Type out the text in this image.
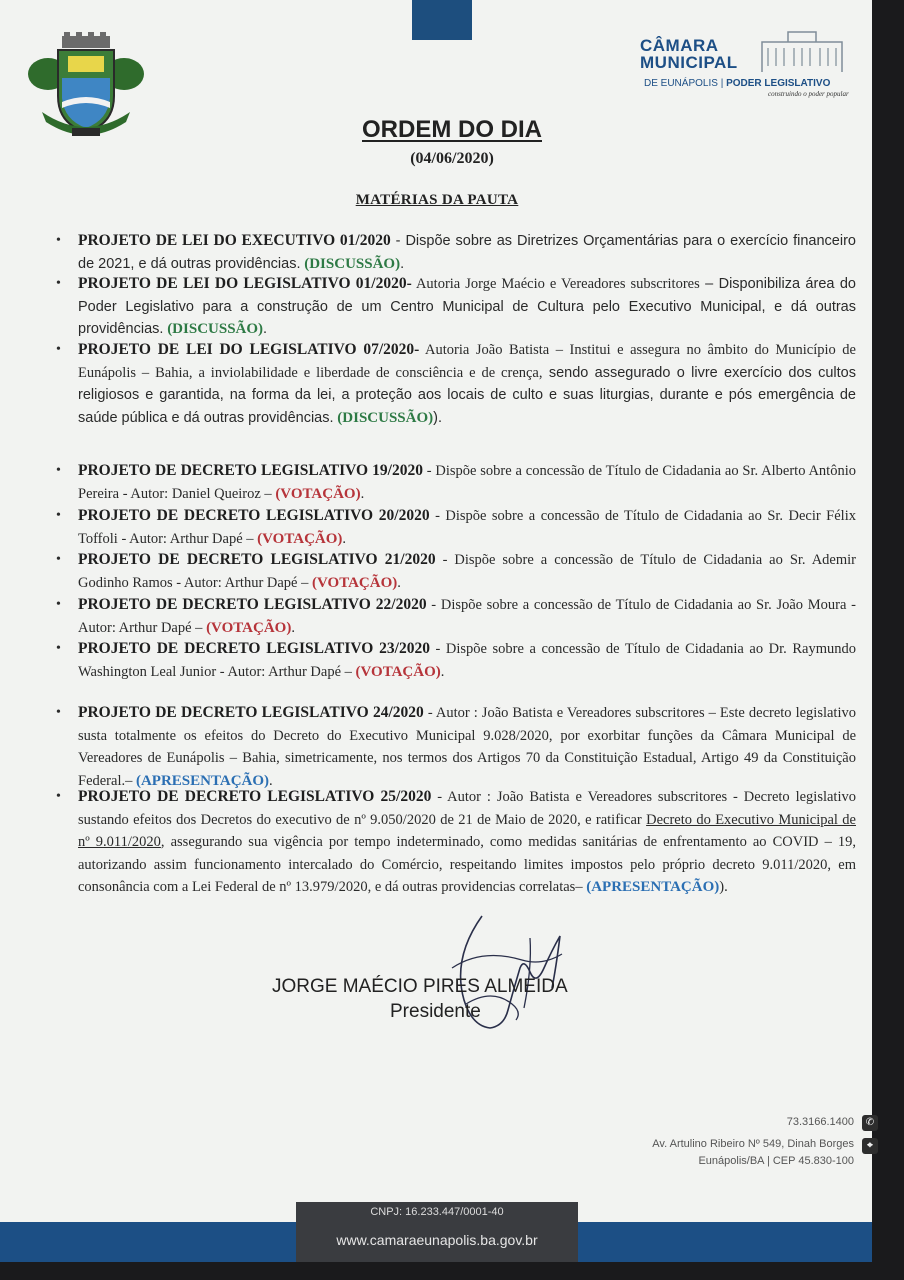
CÂMARA
MUNICIPAL
DE EUNÁPOLIS | PODER LEGISLATIVO
construindo o poder popular
ORDEM DO DIA
(04/06/2020)
MATÉRIAS DA PAUTA
• PROJETO DE LEI DO EXECUTIVO 01/2020 - Dispõe sobre as Diretrizes Orçamentárias para o exercício financeiro de 2021, e dá outras providências. (DISCUSSÃO).
• PROJETO DE LEI DO LEGISLATIVO 01/2020- Autoria Jorge Maécio e Vereadores subscritores – Disponibiliza área do Poder Legislativo para a construção de um Centro Municipal de Cultura pelo Executivo Municipal, e dá outras providências. (DISCUSSÃO).
• PROJETO DE LEI DO LEGISLATIVO 07/2020- Autoria João Batista – Institui e assegura no âmbito do Município de Eunápolis – Bahia, a inviolabilidade e liberdade de consciência e de crença, sendo assegurado o livre exercício dos cultos religiosos e garantida, na forma da lei, a proteção aos locais de culto e suas liturgias, durante e pós emergência de saúde pública e dá outras providências. (DISCUSSÃO)).
• PROJETO DE DECRETO LEGISLATIVO 19/2020 - Dispõe sobre a concessão de Título de Cidadania ao Sr. Alberto Antônio Pereira - Autor: Daniel Queiroz – (VOTAÇÃO).
• PROJETO DE DECRETO LEGISLATIVO 20/2020 - Dispõe sobre a concessão de Título de Cidadania ao Sr. Decir Félix Toffoli - Autor: Arthur Dapé – (VOTAÇÃO).
• PROJETO DE DECRETO LEGISLATIVO 21/2020 - Dispõe sobre a concessão de Título de Cidadania ao Sr. Ademir Godinho Ramos - Autor: Arthur Dapé – (VOTAÇÃO).
• PROJETO DE DECRETO LEGISLATIVO 22/2020 - Dispõe sobre a concessão de Título de Cidadania ao Sr. João Moura - Autor: Arthur Dapé – (VOTAÇÃO).
• PROJETO DE DECRETO LEGISLATIVO 23/2020 - Dispõe sobre a concessão de Título de Cidadania ao Dr. Raymundo Washington Leal Junior - Autor: Arthur Dapé – (VOTAÇÃO).
• PROJETO DE DECRETO LEGISLATIVO 24/2020 - Autor : João Batista e Vereadores subscritores – Este decreto legislativo susta totalmente os efeitos do Decreto do Executivo Municipal 9.028/2020, por exorbitar funções da Câmara Municipal de Vereadores de Eunápolis – Bahia, simetricamente, nos termos dos Artigos 70 da Constituição Estadual, Artigo 49 da Constituição Federal.– (APRESENTAÇÃO).
• PROJETO DE DECRETO LEGISLATIVO 25/2020 - Autor : João Batista e Vereadores subscritores - Decreto legislativo sustando efeitos dos Decretos do executivo de nº 9.050/2020 de 21 de Maio de 2020, e ratificar Decreto do Executivo Municipal de nº 9.011/2020, assegurando sua vigência por tempo indeterminado, como medidas sanitárias de enfrentamento ao COVID – 19, autorizando assim funcionamento intercalado do Comércio, respeitando limites impostos pelo próprio decreto 9.011/2020, em consonância com a Lei Federal de nº 13.979/2020, e dá outras providencias correlatas– (APRESENTAÇÃO)).
JORGE MAÉCIO PIRES ALMEIDA
Presidente
73.3166.1400	✆
Av. Artulino Ribeiro Nº 549, Dinah Borges	⌖
Eunápolis/BA | CEP 45.830-100
CNPJ: 16.233.447/0001-40
www.camaraeunapolis.ba.gov.br
